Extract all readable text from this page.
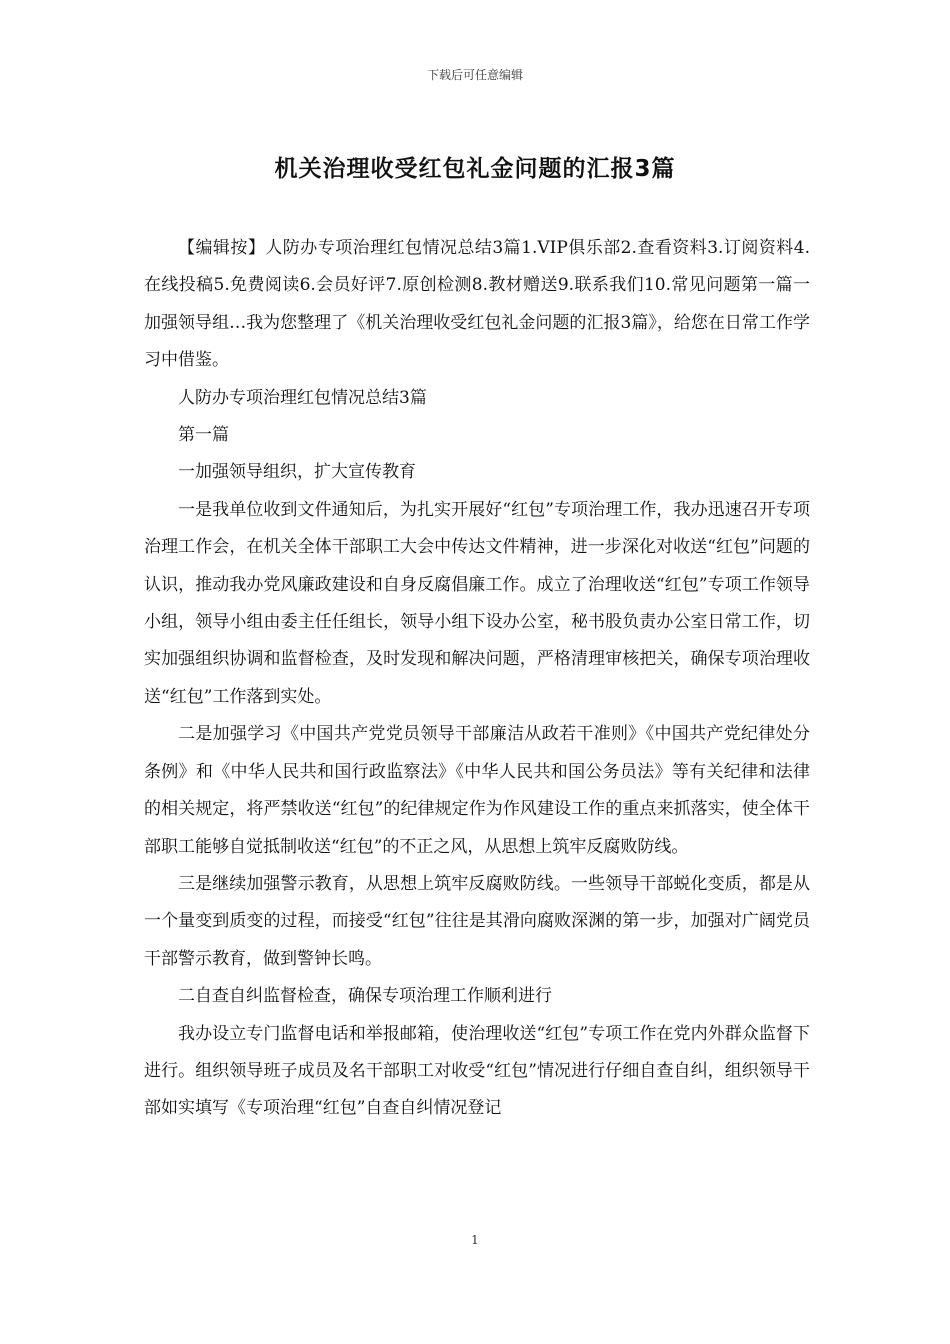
下载后可任意编辑
机关治理收受红包礼金问题的汇报3篇

【编辑按】人防办专项治理红包情况总结3篇1.VIP俱乐部2.查看资料3.订阅资料4.在线投稿5.免费阅读6.会员好评7.原创检测8.教材赠送9.联系我们10.常见问题第一篇一加强领导组…我为您整理了《机关治理收受红包礼金问题的汇报3篇》，给您在日常工作学习中借鉴。

人防办专项治理红包情况总结3篇

第一篇

一加强领导组织，扩大宣传教育

一是我单位收到文件通知后，为扎实开展好“红包”专项治理工作，我办迅速召开专项治理工作会，在机关全体干部职工大会中传达文件精神，进一步深化对收送“红包”问题的认识，推动我办党风廉政建设和自身反腐倡廉工作。成立了治理收送“红包”专项工作领导小组，领导小组由委主任任组长，领导小组下设办公室，秘书股负责办公室日常工作，切实加强组织协调和监督检查，及时发现和解决问题，严格清理审核把关，确保专项治理收送“红包”工作落到实处。

二是加强学习《中国共产党党员领导干部廉洁从政若干准则》《中国共产党纪律处分条例》和《中华人民共和国行政监察法》《中华人民共和国公务员法》等有关纪律和法律的相关规定，将严禁收送“红包”的纪律规定作为作风建设工作的重点来抓落实，使全体干部职工能够自觉抵制收送“红包”的不正之风，从思想上筑牢反腐败防线。

三是继续加强警示教育，从思想上筑牢反腐败防线。一些领导干部蜕化变质，都是从一个量变到质变的过程，而接受“红包”往往是其滑向腐败深渊的第一步，加强对广阔党员干部警示教育，做到警钟长鸣。

二自查自纠监督检查，确保专项治理工作顺利进行

我办设立专门监督电话和举报邮箱，使治理收送“红包”专项工作在党内外群众监督下进行。组织领导班子成员及名干部职工对收受“红包”情况进行仔细自查自纠，组织领导干部如实填写《专项治理“红包”自查自纠情况登记

1
